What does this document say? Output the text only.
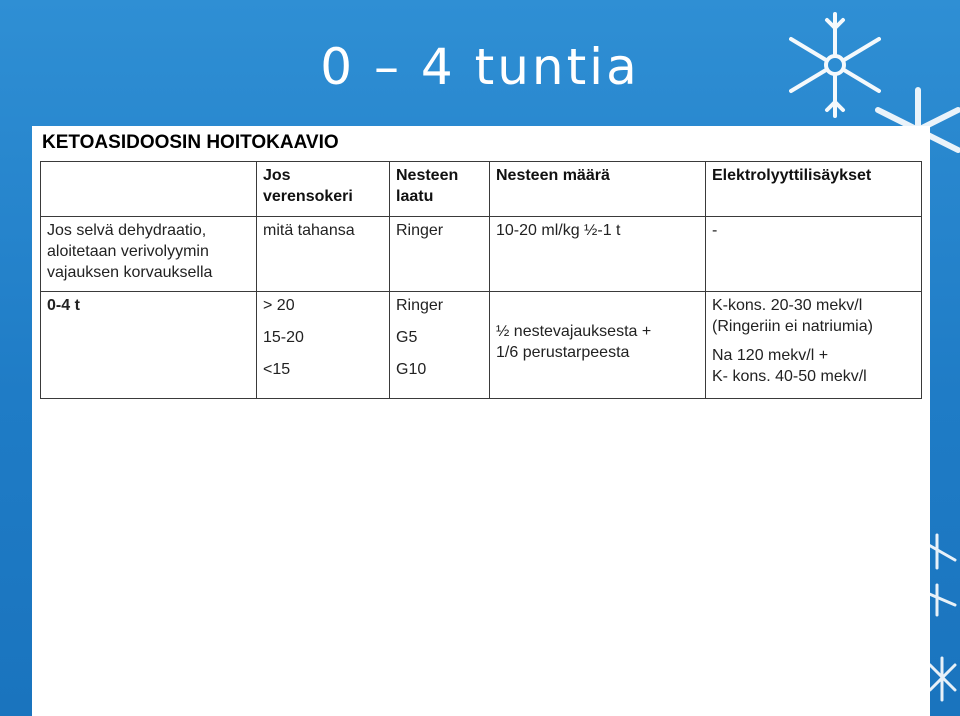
0 – 4 tuntia
KETOASIDOOSIN HOITOKAAVIO
	Jos verensokeri	Nesteen laatu	Nesteen määrä	Elektrolyyttilisäykset

Jos selvä dehydraatio,
aloitetaan verivolyymin
vajauksen korvauksella	mitä tahansa	Ringer	10-20 ml/kg ½-1 t	-

0-4 t	> 20
15-20
<15	Ringer
G5
G10	½ nestevajauksesta +
1/6 perustarpeesta	K-kons. 20-30 mekv/l
(Ringeriin ei natriumia)
Na 120 mekv/l +
K- kons. 40-50 mekv/l
